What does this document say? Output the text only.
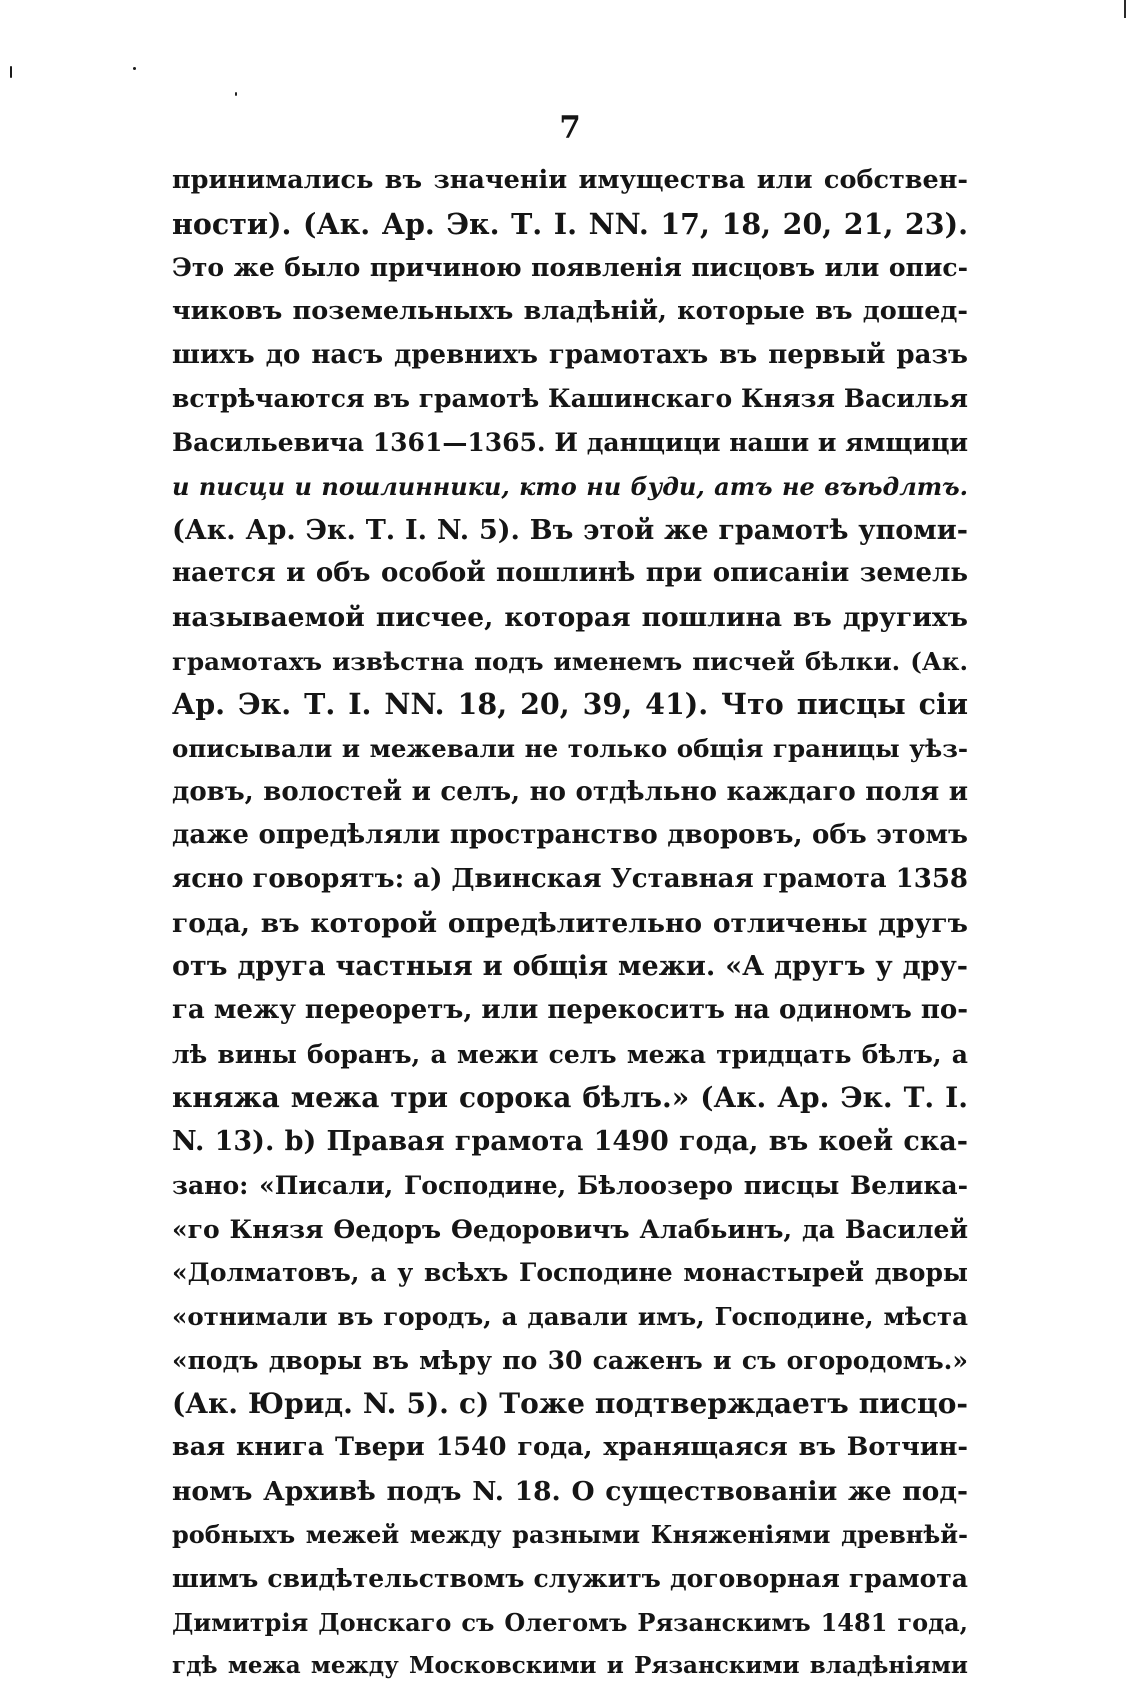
7
принимались въ значеніи имущества или собствен-
ности). (Ак. Ар. Эк. Т. I. NN. 17, 18, 20, 21, 23).
Это же было причиною появленія писцовъ или опис-
чиковъ поземельныхъ владѣній, которые въ дошед-
шихъ до насъ древнихъ грамотахъ въ первый разъ
встрѣчаются въ грамотѣ Кашинскаго Князя Василья
Васильевича 1361—1365. И данщици наши и ямщици
и писци и пошлинники, кто ни буди, атъ не въѣдлтъ.
(Ак. Ар. Эк. Т. I. N. 5). Въ этой же грамотѣ упоми-
нается и объ особой пошлинѣ при описаніи земель
называемой писчее, которая пошлина въ другихъ
грамотахъ извѣстна подъ именемъ писчей бѣлки. (Ак.
Ар. Эк. Т. I. NN. 18, 20, 39, 41). Что писцы сіи
описывали и межевали не только общія границы уѣз-
довъ, волостей и селъ, но отдѣльно каждаго поля и
даже опредѣляли пространство дворовъ, объ этомъ
ясно говорятъ: а) Двинская Уставная грамота 1358
года, въ которой опредѣлительно отличены другъ
отъ друга частныя и общія межи. «А другъ у дру-
га межу переоретъ, или перекоситъ на одиномъ по-
лѣ вины боранъ, а межи селъ межа тридцать бѣлъ, а
княжа межа три сорока бѣлъ.» (Ак. Ар. Эк. Т. I.
N. 13). b) Правая грамота 1490 года, въ коей ска-
зано: «Писали, Господине, Бѣлоозеро писцы Велика-
«го Князя Өедоръ Өедоровичъ Алабьинъ, да Василей
«Долматовъ, а у всѣхъ Господине монастырей дворы
«отнимали въ городъ, а давали имъ, Господине, мѣста
«подъ дворы въ мѣру по 30 саженъ и съ огородомъ.»
(Ак. Юрид. N. 5). с) Тоже подтверждаетъ писцо-
вая книга Твери 1540 года, хранящаяся въ Вотчин-
номъ Архивѣ подъ N. 18. О существованіи же под-
робныхъ межей между разными Княженіями древнѣй-
шимъ свидѣтельствомъ служитъ договорная грамота
Димитрія Донскаго съ Олегомъ Рязанскимъ 1481 года,
гдѣ межа между Московскими и Рязанскими владѣніями
